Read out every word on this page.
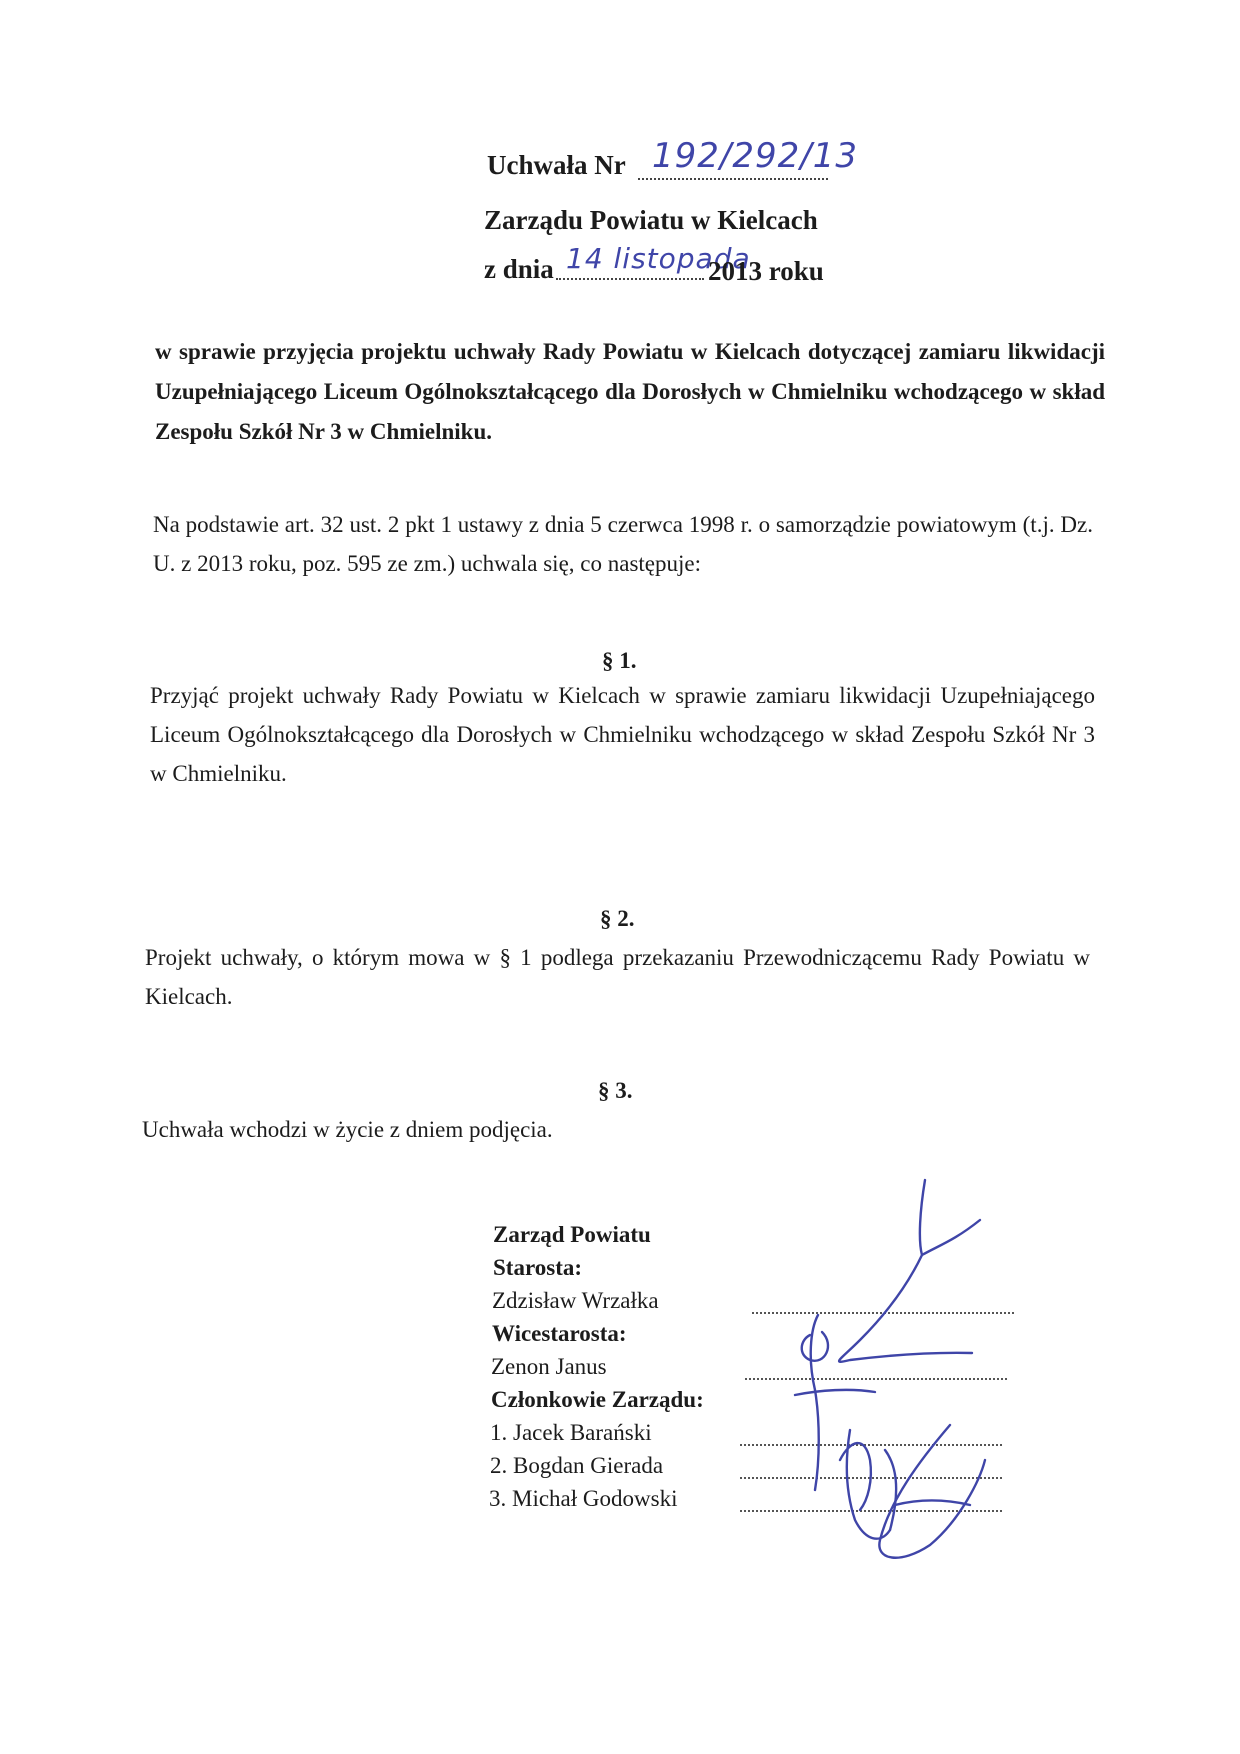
Uchwała Nr 192/292/13
Zarządu Powiatu w Kielcach
z dnia 14 listopada
2013 roku
w sprawie przyjęcia projektu uchwały Rady Powiatu w Kielcach dotyczącej zamiaru likwidacji Uzupełniającego Liceum Ogólnokształcącego dla Dorosłych w Chmielniku wchodzącego w skład Zespołu Szkół Nr 3 w Chmielniku.
Na podstawie art. 32 ust. 2 pkt 1 ustawy z dnia 5 czerwca 1998 r. o samorządzie powiatowym (t.j. Dz. U. z 2013 roku, poz. 595 ze zm.) uchwala się, co następuje:
§ 1.
Przyjąć projekt uchwały Rady Powiatu w Kielcach w sprawie zamiaru likwidacji Uzupełniającego Liceum Ogólnokształcącego dla Dorosłych w Chmielniku wchodzącego w skład Zespołu Szkół Nr 3 w Chmielniku.
§ 2.
Projekt uchwały, o którym mowa w § 1 podlega przekazaniu Przewodniczącemu Rady Powiatu w Kielcach.
§ 3.
Uchwała wchodzi w życie z dniem podjęcia.
Zarząd Powiatu
Starosta:
Zdzisław Wrzałka
Wicestarosta:
Zenon Janus
Członkowie Zarządu:
1. Jacek Barański
2. Bogdan Gierada
3. Michał Godowski
